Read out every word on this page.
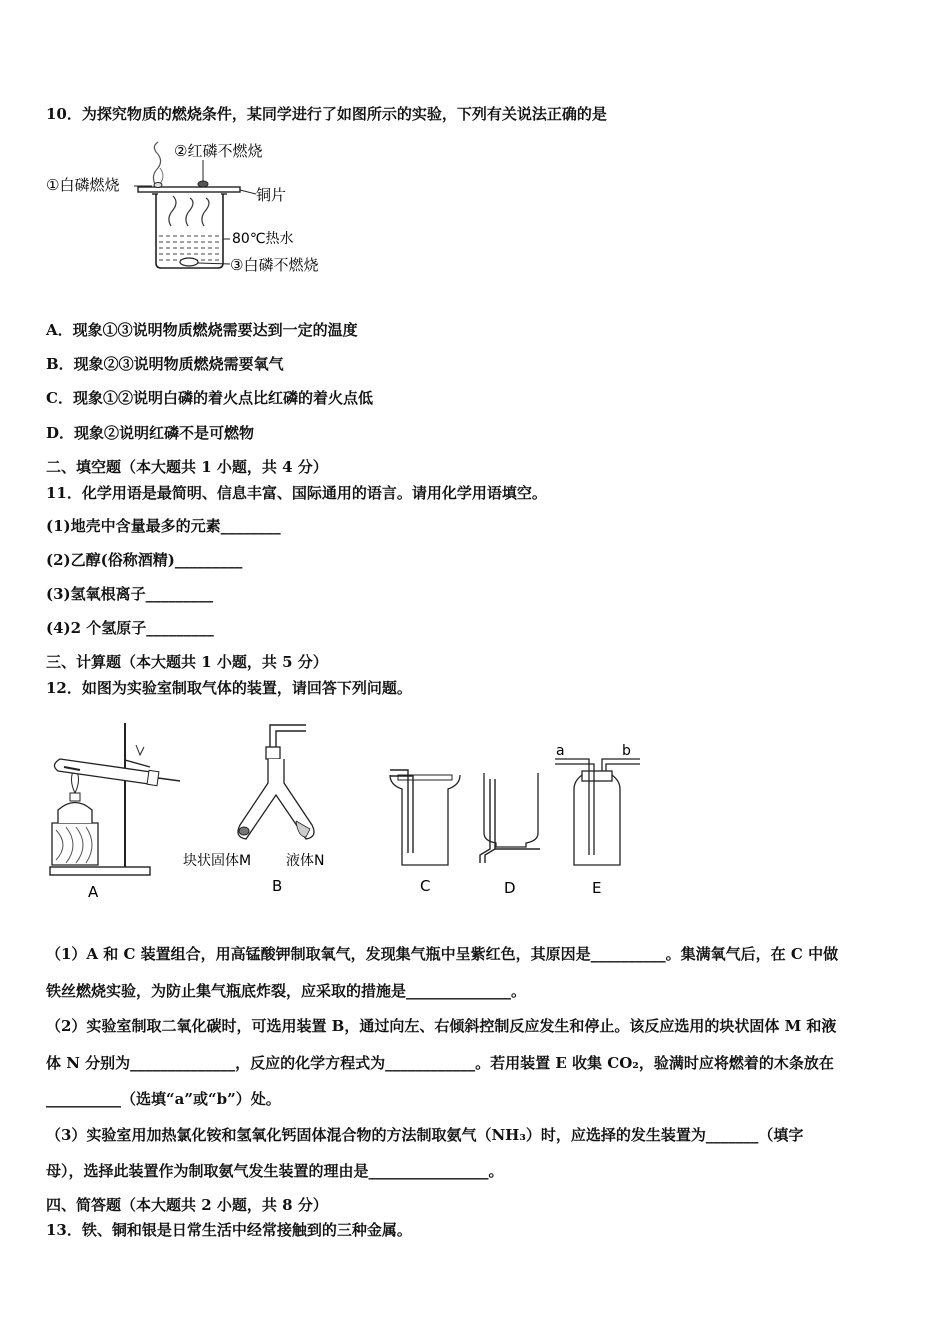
10．为探究物质的燃烧条件，某同学进行了如图所示的实验，下列有关说法正确的是
①白磷燃烧
②红磷不燃烧
铜片
80℃热水
③白磷不燃烧
A．现象①③说明物质燃烧需要达到一定的温度
B．现象②③说明物质燃烧需要氧气
C．现象①②说明白磷的着火点比红磷的着火点低
D．现象②说明红磷不是可燃物
二、填空题（本大题共 1 小题，共 4 分）
11．化学用语是最简明、信息丰富、国际通用的语言。请用化学用语填空。
(1)地壳中含量最多的元素________
(2)乙醇(俗称酒精)_________
(3)氢氧根离子_________
(4)2 个氢原子_________
三、计算题（本大题共 1 小题，共 5 分）
12．如图为实验室制取气体的装置，请回答下列问题。
A
块状固体M 液体N
B	C	D
a	b
E
（1）A 和 C 装置组合，用高锰酸钾制取氧气，发现集气瓶中呈紫红色，其原因是__________。集满氧气后，在 C 中做
铁丝燃烧实验，为防止集气瓶底炸裂，应采取的措施是______________。
（2）实验室制取二氧化碳时，可选用装置 B，通过向左、右倾斜控制反应发生和停止。该反应选用的块状固体 M 和液
体 N 分别为______________，反应的化学方程式为____________。若用装置 E 收集 CO₂，验满时应将燃着的木条放在
__________（选填“a”或“b”）处。
（3）实验室用加热氯化铵和氢氧化钙固体混合物的方法制取氨气（NH₃）时，应选择的发生装置为_______（填字
母），选择此装置作为制取氨气发生装置的理由是________________。
四、简答题（本大题共 2 小题，共 8 分）
13．铁、铜和银是日常生活中经常接触到的三种金属。
